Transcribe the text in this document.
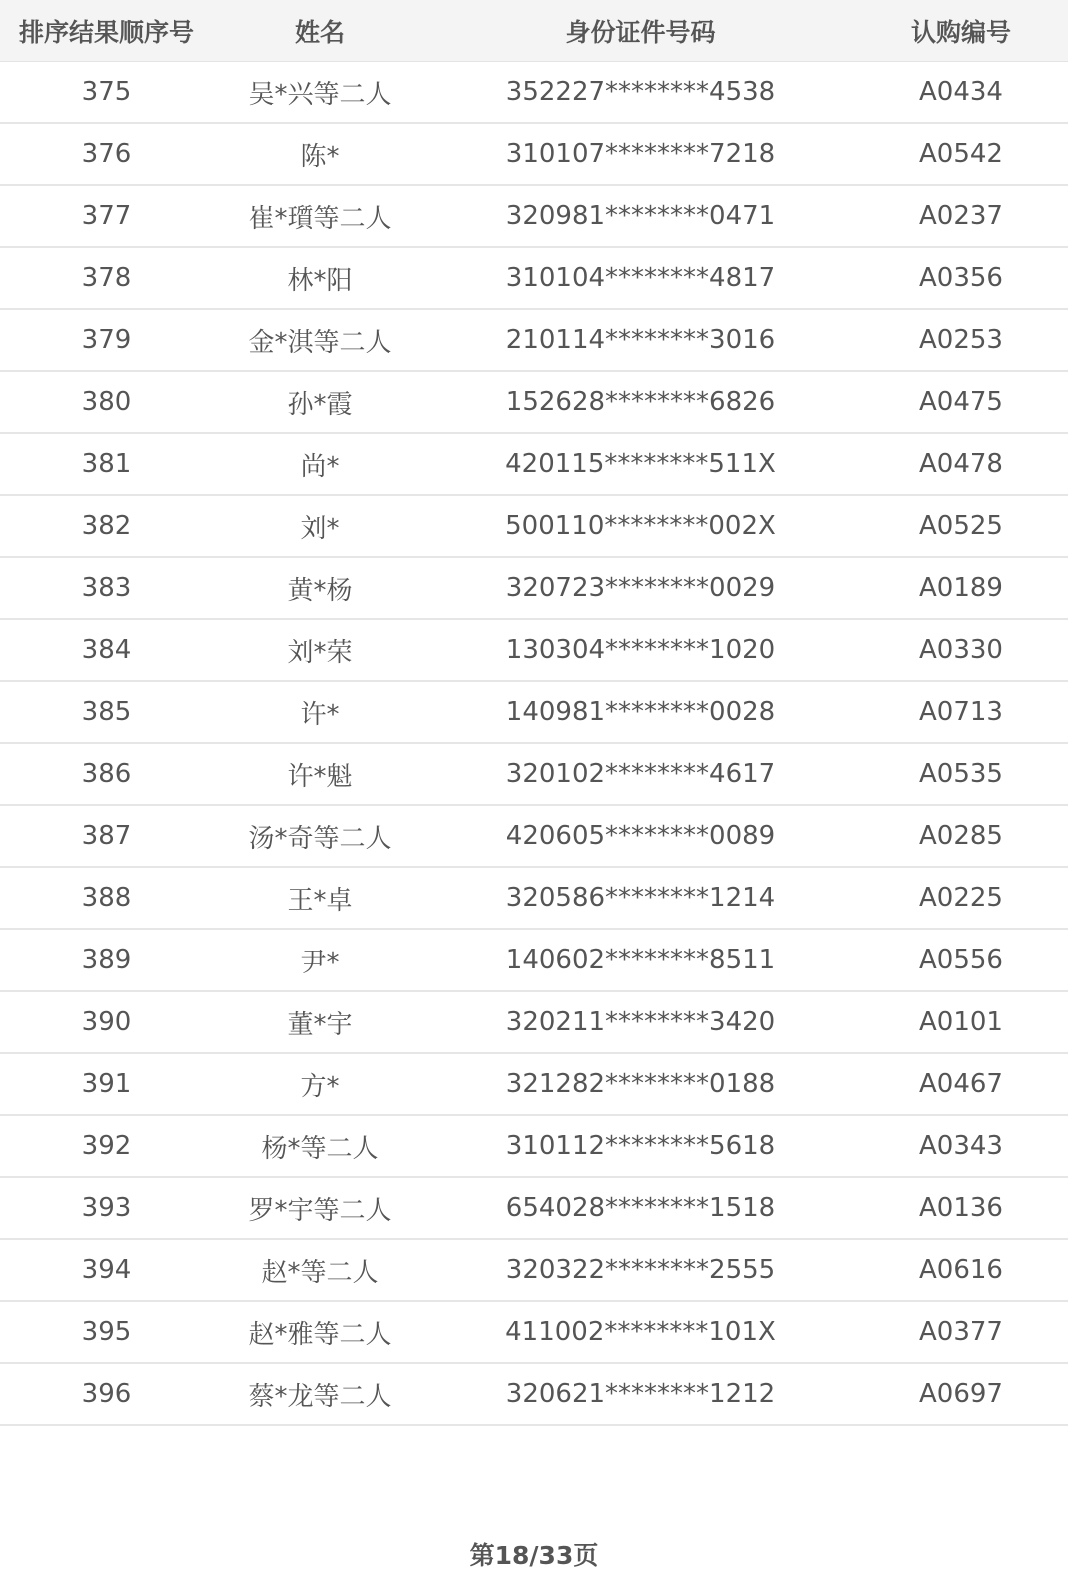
排序结果顺序号	姓名	身份证件号码	认购编号
375	吴*兴等二人	352227********4538	A0434
376	陈*	310107********7218	A0542
377	崔*瓆等二人	320981********0471	A0237
378	林*阳	310104********4817	A0356
379	金*淇等二人	210114********3016	A0253
380	孙*霞	152628********6826	A0475
381	尚*	420115********511X	A0478
382	刘*	500110********002X	A0525
383	黄*杨	320723********0029	A0189
384	刘*荣	130304********1020	A0330
385	许*	140981********0028	A0713
386	许*魁	320102********4617	A0535
387	汤*奇等二人	420605********0089	A0285
388	王*卓	320586********1214	A0225
389	尹*	140602********8511	A0556
390	董*宇	320211********3420	A0101
391	方*	321282********0188	A0467
392	杨*等二人	310112********5618	A0343
393	罗*宇等二人	654028********1518	A0136
394	赵*等二人	320322********2555	A0616
395	赵*雅等二人	411002********101X	A0377
396	蔡*龙等二人	320621********1212	A0697
第18/33页
